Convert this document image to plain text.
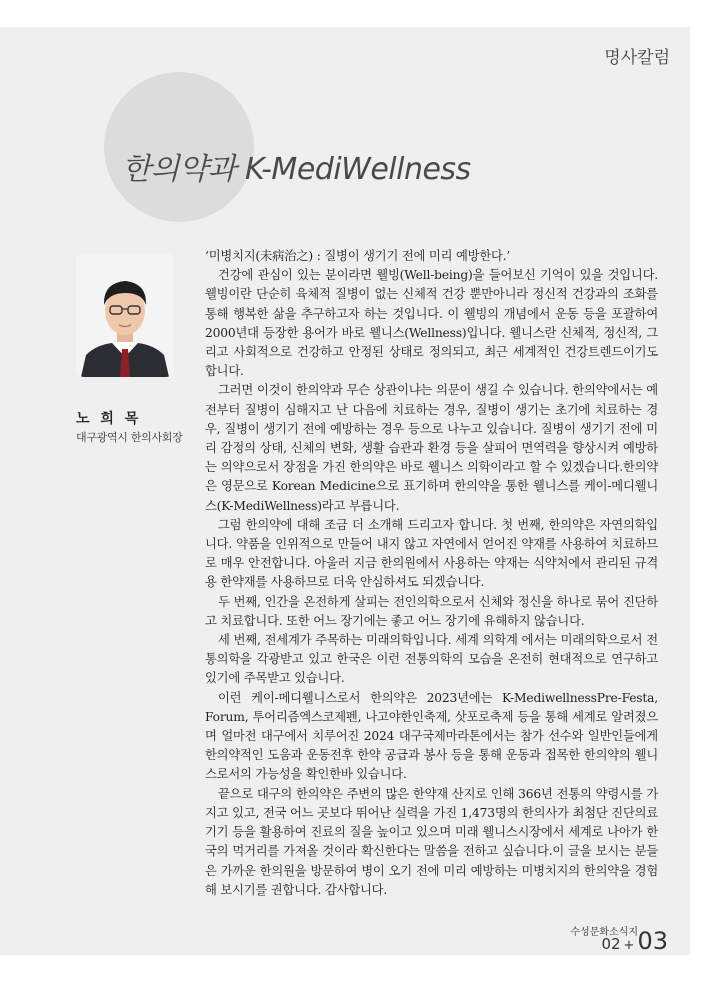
명사칼럼
한의약과 K-MediWellness
노 희 목
대구광역시 한의사회장

‘미병치지(未病治之) : 질병이 생기기 전에 미리 예방한다.’

건강에 관심이 있는 분이라면 웰빙(Well-being)을 들어보신 기억이 있을 것입니다. 웰빙이란 단순히 육체적 질병이 없는 신체적 건강 뿐만아니라 정신적 건강과의 조화를 통해 행복한 삶을 추구하고자 하는 것입니다. 이 웰빙의 개념에서 운동 등을 포괄하여 2000년대 등장한 용어가 바로 웰니스(Wellness)입니다. 웰니스란 신체적, 정신적, 그리고 사회적으로 건강하고 안정된 상태로 정의되고, 최근 세계적인 건강트렌드이기도 합니다.

그러면 이것이 한의약과 무슨 상관이냐는 의문이 생길 수 있습니다. 한의약에서는 예전부터 질병이 심해지고 난 다음에 치료하는 경우, 질병이 생기는 초기에 치료하는 경우, 질병이 생기기 전에 예방하는 경우 등으로 나누고 있습니다. 질병이 생기기 전에 미리 감정의 상태, 신체의 변화, 생활 습관과 환경 등을 살피어 면역력을 향상시켜 예방하는 의약으로서 장점을 가진 한의약은 바로 웰니스 의학이라고 할 수 있겠습니다.한의약은 영문으로 Korean Medicine으로 표기하며 한의약을 통한 웰니스를 케이-메디웰니스(K-MediWellness)라고 부릅니다.

그럼 한의약에 대해 조금 더 소개해 드리고자 합니다. 첫 번째, 한의약은 자연의학입니다. 약품을 인위적으로 만들어 내지 않고 자연에서 얻어진 약재를 사용하여 치료하므로 매우 안전합니다. 아울러 지금 한의원에서 사용하는 약재는 식약처에서 관리된 규격용 한약재를 사용하므로 더욱 안심하셔도 되겠습니다.

두 번째, 인간을 온전하게 살피는 전인의학으로서 신체와 정신을 하나로 묶어 진단하고 치료합니다. 또한 어느 장기에는 좋고 어느 장기에 유해하지 않습니다.

세 번째, 전세계가 주목하는 미래의학입니다. 세계 의학계 에서는 미래의학으로서 전통의학을 각광받고 있고 한국은 이런 전통의학의 모습을 온전히 현대적으로 연구하고 있기에 주목받고 있습니다.

이런 케이-메디웰니스로서 한의약은 2023년에는 K-MediwellnessPre-Festa, Forum, 투어리즘엑스코제펜, 나고야한인축제, 삿포로축제 등을 통해 세계로 알려졌으며 얼마전 대구에서 치루어진 2024 대구국제마라톤에서는 참가 선수와 일반인들에게 한의약적인 도움과 운동전후 한약 공급과 봉사 등을 통해 운동과 접목한 한의약의 웰니스로서의 가능성을 확인한바 있습니다.

끝으로 대구의 한의약은 주변의 많은 한약재 산지로 인해 366년 전통의 약령시를 가지고 있고, 전국 어느 곳보다 뛰어난 실력을 가진 1,473명의 한의사가 최첨단 진단의료기기 등을 활용하여 진료의 질을 높이고 있으며 미래 웰니스시장에서 세계로 나아가 한국의 먹거리를 가져올 것이라 확신한다는 말씀을 전하고 싶습니다.이 글을 보시는 분들은 가까운 한의원을 방문하여 병이 오기 전에 미리 예방하는 미병치지의 한의약을 경험해 보시기를 권합니다. 감사합니다.

수성문화소식지
02 + 03
